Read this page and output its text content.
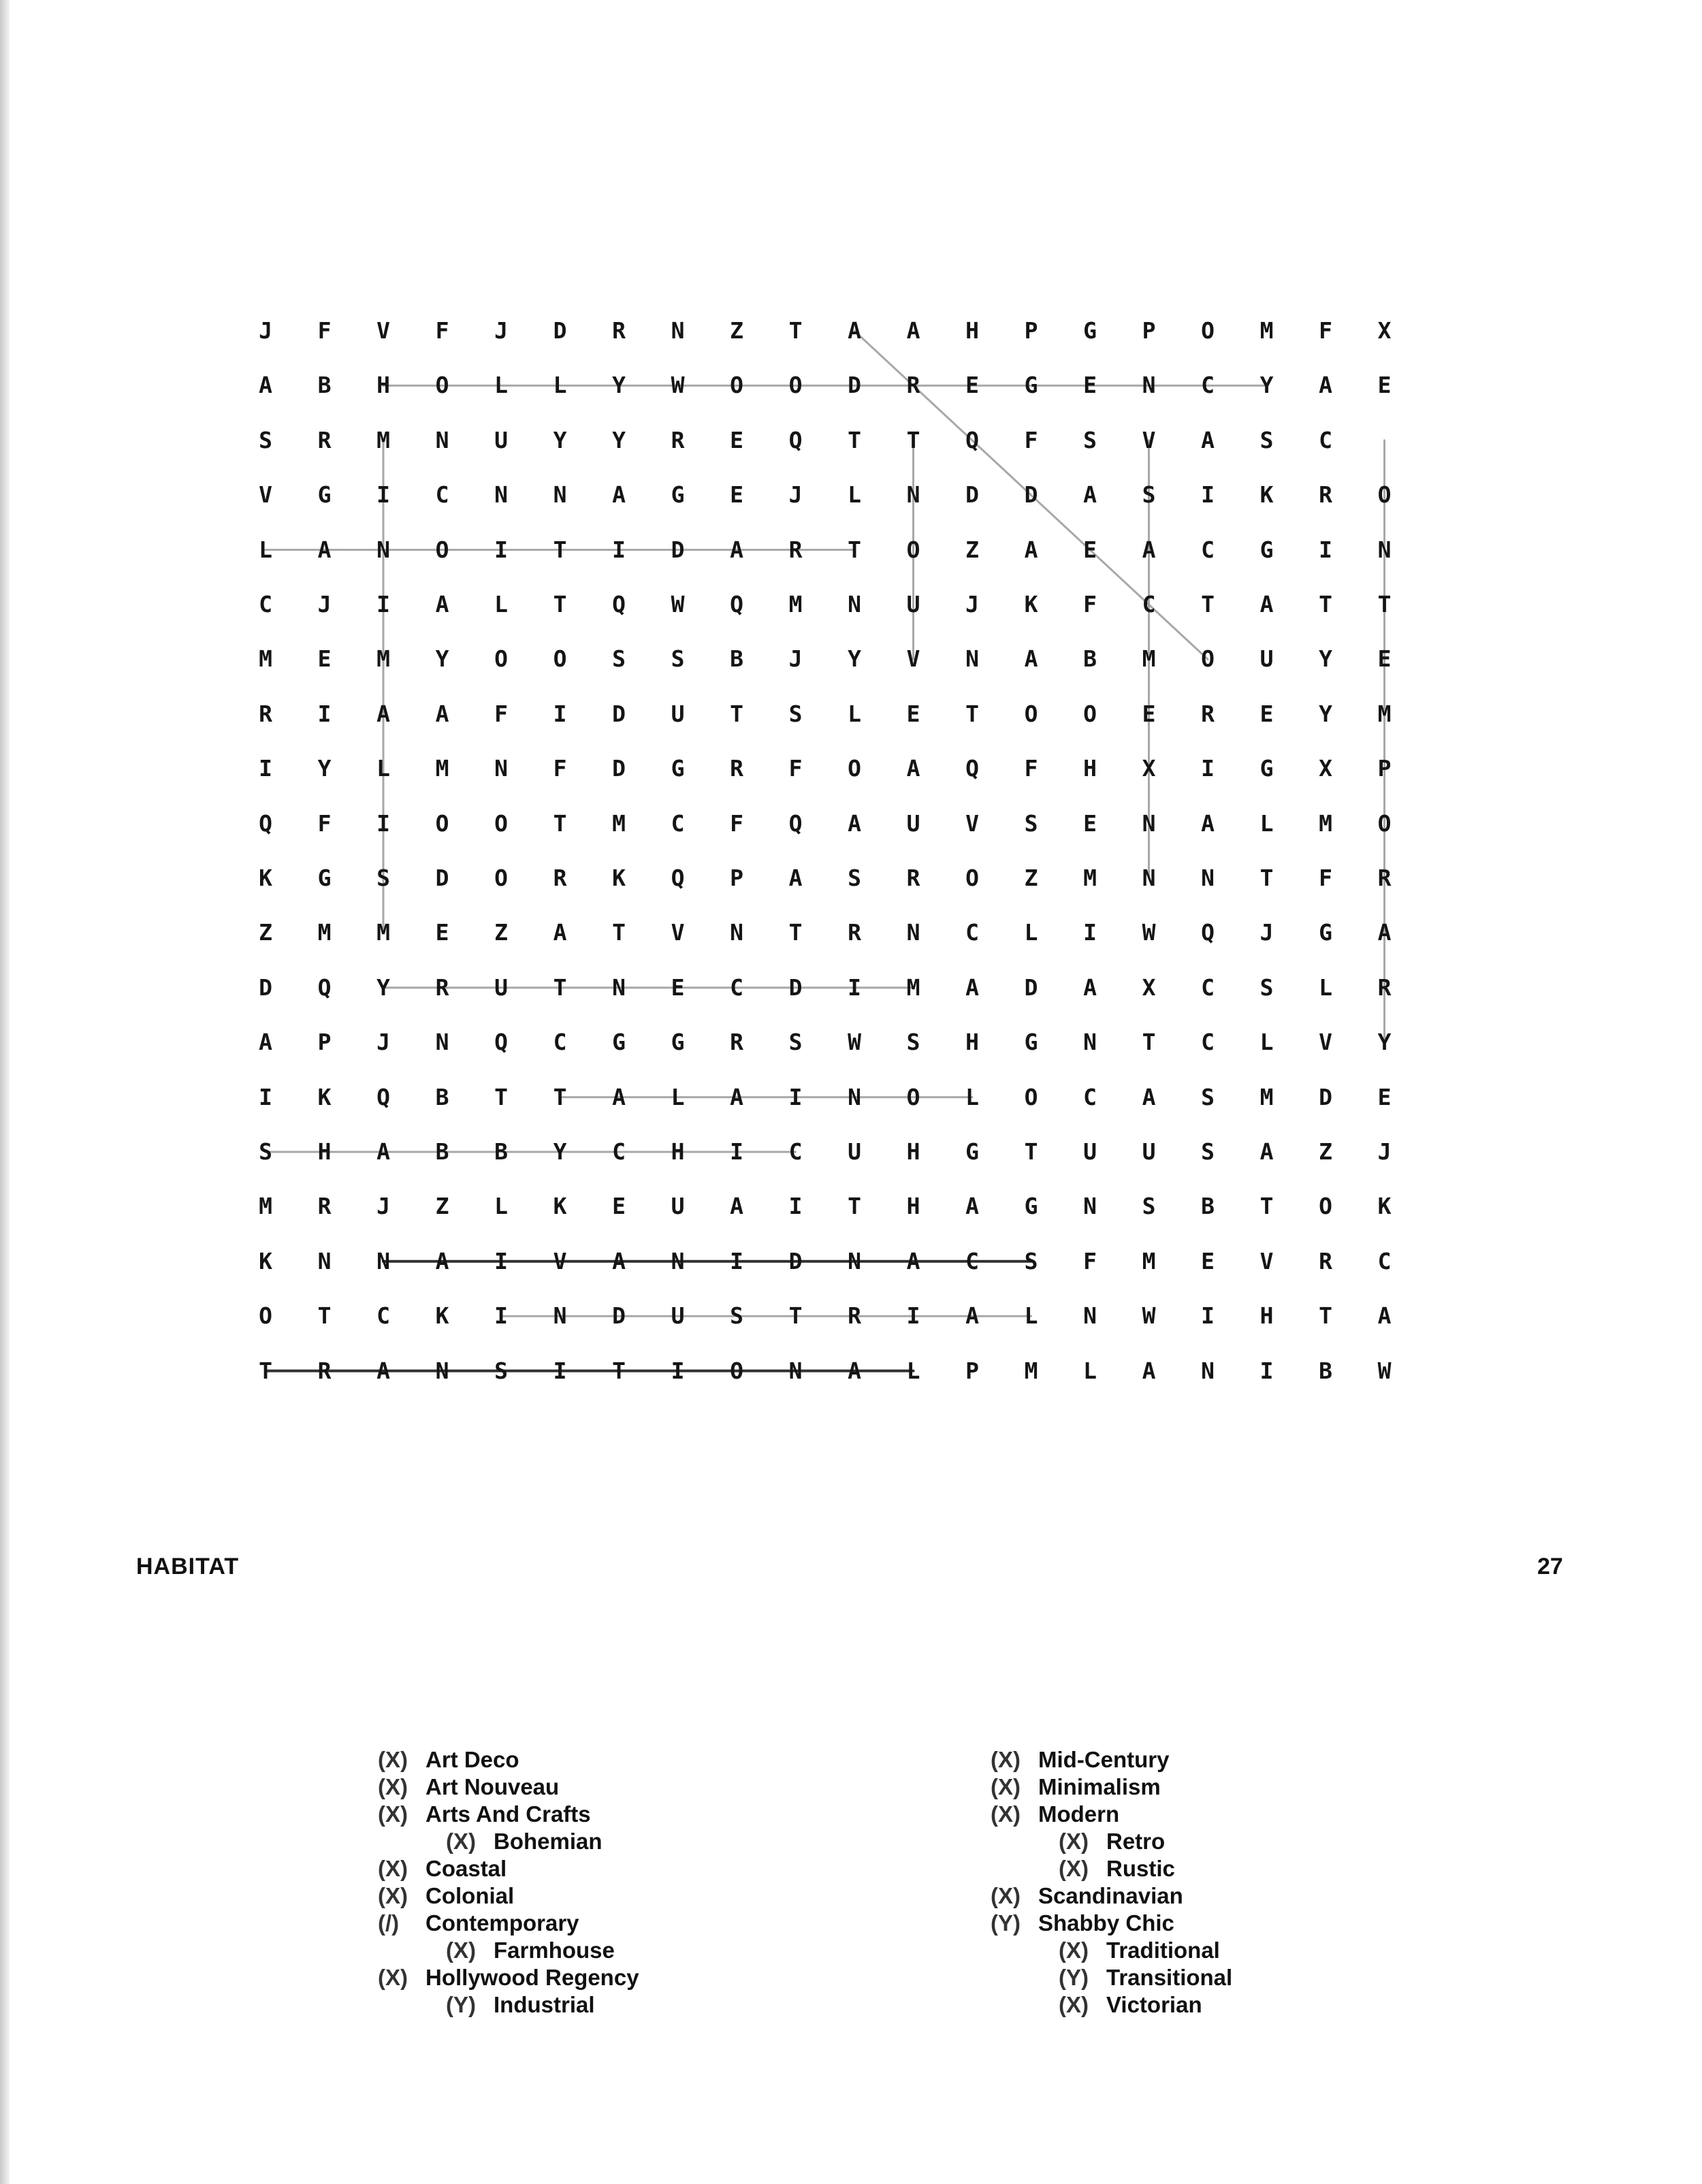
J	F	V	F	J	D	R	N	Z	T	A	A	H	P	G	P	O	M	F	X
A	B	H	O	L	L	Y	W	O	O	D	R	E	G	E	N	C	Y	A	E
S	R	M	N	U	Y	Y	R	E	Q	T	T	Q	F	S	V	A	S	C
V	G	I	C	N	N	A	G	E	J	L	N	D	D	A	S	I	K	R	O
L	A	N	O	I	T	I	D	A	R	T	O	Z	A	E	A	C	G	I	N
C	J	I	A	L	T	Q	W	Q	M	N	U	J	K	F	C	T	A	T	T
M	E	M	Y	O	O	S	S	B	J	Y	V	N	A	B	M	O	U	Y	E
R	I	A	A	F	I	D	U	T	S	L	E	T	O	O	E	R	E	Y	M
I	Y	L	M	N	F	D	G	R	F	O	A	Q	F	H	X	I	G	X	P
Q	F	I	O	O	T	M	C	F	Q	A	U	V	S	E	N	A	L	M	O
K	G	S	D	O	R	K	Q	P	A	S	R	O	Z	M	N	N	T	F	R
Z	M	M	E	Z	A	T	V	N	T	R	N	C	L	I	W	Q	J	G	A
D	Q	Y	R	U	T	N	E	C	D	I	M	A	D	A	X	C	S	L	R
A	P	J	N	Q	C	G	G	R	S	W	S	H	G	N	T	C	L	V	Y
I	K	Q	B	T	T	A	L	A	I	N	O	L	O	C	A	S	M	D	E
S	H	A	B	B	Y	C	H	I	C	U	H	G	T	U	U	S	A	Z	J
M	R	J	Z	L	K	E	U	A	I	T	H	A	G	N	S	B	T	O	K
K	N	N	A	I	V	A	N	I	D	N	A	C	S	F	M	E	V	R	C
O	T	C	K	I	N	D	U	S	T	R	I	A	L	N	W	I	H	T	A
T	R	A	N	S	I	T	I	O	N	A	L	P	M	L	A	N	I	B	W
HABITAT	27
(X) Art Deco
(X) Art Nouveau
(X) Arts And Crafts
(X) Bohemian
(X) Coastal
(X) Colonial
(/) Contemporary
(X) Farmhouse
(X) Hollywood Regency
(Y) Industrial
(X) Mid-Century
(X) Minimalism
(X) Modern
(X) Retro
(X) Rustic
(X) Scandinavian
(Y) Shabby Chic
(X) Traditional
(Y) Transitional
(X) Victorian
